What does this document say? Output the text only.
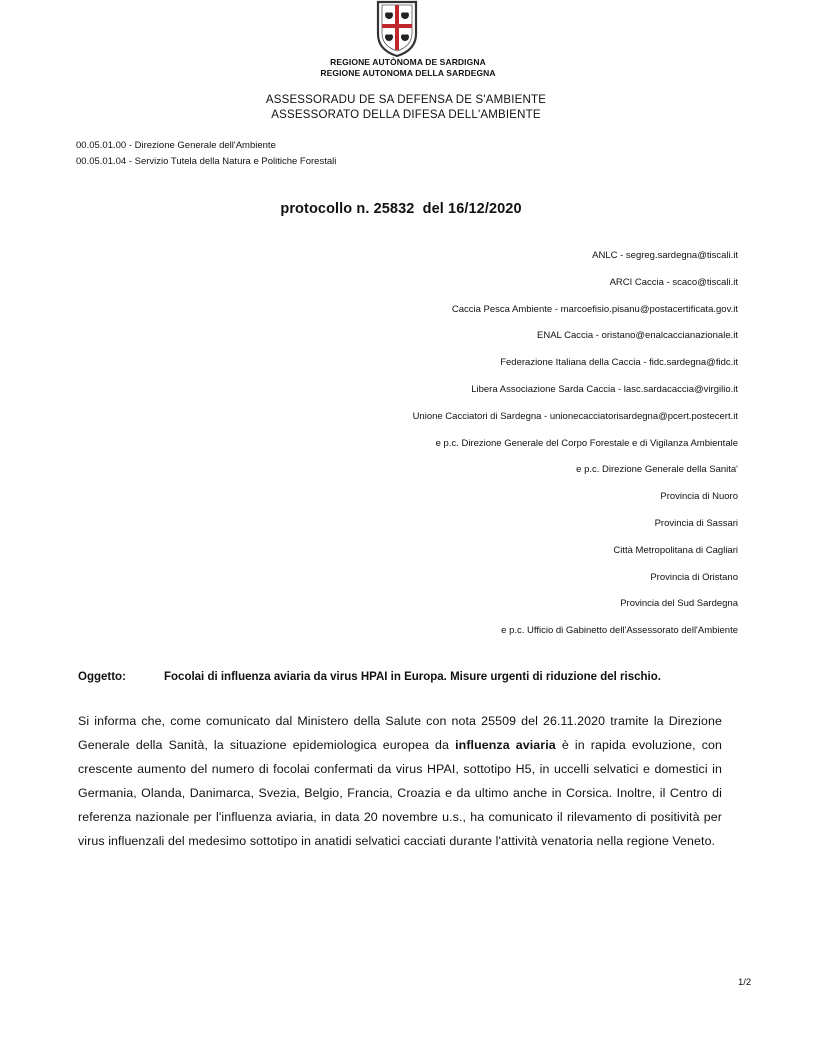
REGIONE AUTÒNOMA DE SARDIGNA
REGIONE AUTONOMA DELLA SARDEGNA
ASSESSORADU DE SA DEFENSA DE S'AMBIENTE
ASSESSORATO DELLA DIFESA DELL'AMBIENTE
00.05.01.00 - Direzione Generale dell'Ambiente
00.05.01.04 - Servizio Tutela della Natura e Politiche Forestali
protocollo n. 25832 del 16/12/2020
ANLC - segreg.sardegna@tiscali.it
ARCI Caccia - scaco@tiscali.it
Caccia Pesca Ambiente - marcoefisio.pisanu@postacertificata.gov.it
ENAL Caccia - oristano@enalcaccianazionale.it
Federazione Italiana della Caccia - fidc.sardegna@fidc.it
Libera Associazione Sarda Caccia - lasc.sardacaccia@virgilio.it
Unione Cacciatori di Sardegna - unionecacciatorisardegna@pcert.postecert.it
e p.c. Direzione Generale del Corpo Forestale e di Vigilanza Ambientale
e p.c. Direzione Generale della Sanita'
Provincia di Nuoro
Provincia di Sassari
Città Metropolitana di Cagliari
Provincia di Oristano
Provincia del Sud Sardegna
e p.c. Ufficio di Gabinetto dell'Assessorato dell'Ambiente
Oggetto:	Focolai di influenza aviaria da virus HPAI in Europa. Misure urgenti di riduzione del rischio.
Si informa che, come comunicato dal Ministero della Salute con nota 25509 del 26.11.2020 tramite la Direzione Generale della Sanità, la situazione epidemiologica europea da influenza aviaria è in rapida evoluzione, con crescente aumento del numero di focolai confermati da virus HPAI, sottotipo H5, in uccelli selvatici e domestici in Germania, Olanda, Danimarca, Svezia, Belgio, Francia, Croazia e da ultimo anche in Corsica. Inoltre, il Centro di referenza nazionale per l'influenza aviaria, in data 20 novembre u.s., ha comunicato il rilevamento di positività per virus influenzali del medesimo sottotipo in anatidi selvatici cacciati durante l'attività venatoria nella regione Veneto.
1/2
